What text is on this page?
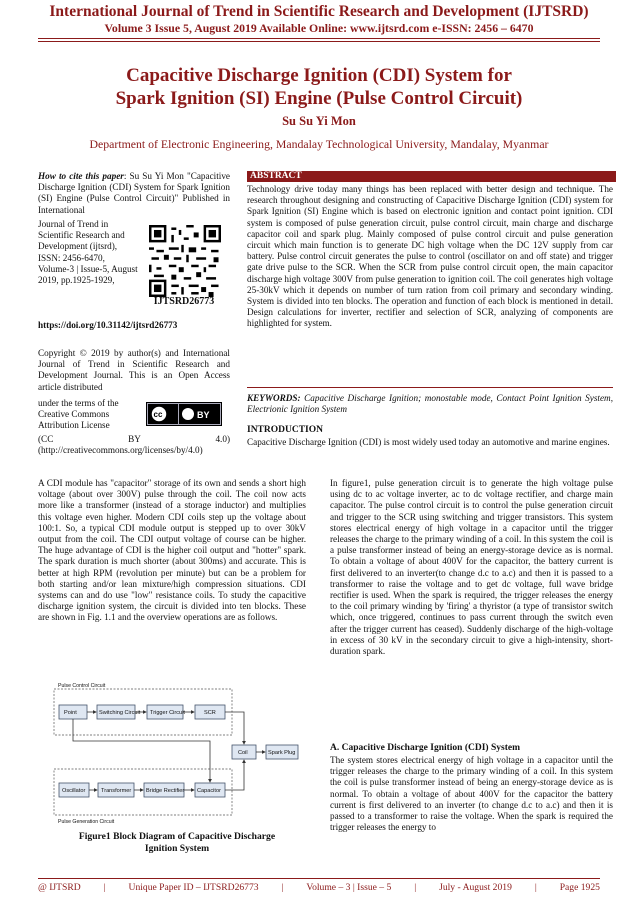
International Journal of Trend in Scientific Research and Development (IJTSRD)
Volume 3 Issue 5, August 2019 Available Online: www.ijtsrd.com e-ISSN: 2456 – 6470
Capacitive Discharge Ignition (CDI) System for
Spark Ignition (SI) Engine (Pulse Control Circuit)
Su Su Yi Mon
Department of Electronic Engineering, Mandalay Technological University, Mandalay, Myanmar
How to cite this paper: Su Su Yi Mon "Capacitive Discharge Ignition (CDI) System for Spark Ignition (SI) Engine (Pulse Control Circuit)" Published in International
Journal of Trend in Scientific Research and Development (ijtsrd), ISSN: 2456-6470, Volume-3 | Issue-5, August 2019, pp.1925-1929,
https://doi.org/10.31142/ijtsrd26773
IJTSRD26773
Copyright © 2019 by author(s) and International Journal of Trend in Scientific Research and Development Journal. This is an Open Access article distributed
under the terms of the Creative Commons Attribution License
cc	BY
(CC BY 4.0) (http://creativecommons.org/licenses/by/4.0)
ABSTRACT
Technology drive today many things has been replaced with better design and technique. The research throughout designing and constructing of Capacitive Discharge Ignition (CDI) system for Spark Ignition (SI) Engine which is based on electronic ignition and contact point ignition. CDI system is composed of pulse generation circuit, pulse control circuit, main charge and discharge capacitor coil and spark plug. Mainly composed of pulse control circuit and pulse generation circuit which main function is to generate DC high voltage when the DC 12V supply from car battery. Pulse control circuit generates the pulse to control (oscillator on and off state) and trigger gate drive pulse to the SCR. When the SCR from pulse control circuit open, the main capacitor discharge high voltage 300V from pulse generation to ignition coil. The coil generates high voltage 25-30kV which it depends on number of turn ration from coil primary and secondary winding. System is divided into ten blocks. The operation and function of each block is mentioned in detail. Design calculations for inverter, rectifier and selection of SCR, analyzing of components are highlighted for system.
KEYWORDS: Capacitive Discharge Ignition; monostable mode, Contact Point Ignition System, Electrionic Ignition System
INTRODUCTION
Capacitive Discharge Ignition (CDI) is most widely used today an automotive and marine engines.
A CDI module has "capacitor" storage of its own and sends a short high voltage (about over 300V) pulse through the coil. The coil now acts more like a transformer (instead of a storage inductor) and multiplies this voltage even higher. Modern CDI coils step up the voltage about 100:1. So, a typical CDI module output is stepped up to over 30kV output from the coil. The CDI output voltage of course can be higher. The huge advantage of CDI is the higher coil output and "hotter" spark. The spark duration is much shorter (about 300ms) and accurate. This is better at high RPM (revolution per minute) but can be a problem for both starting and/or lean mixture/high compression situations. CDI systems can and do use "low" resistance coils. To study the capacitive discharge ignition system, the circuit is divided into ten blocks. These are shown in Fig. 1.1 and the overview operations are as follows.
In figure1, pulse generation circuit is to generate the high voltage pulse using dc to ac voltage inverter, ac to dc voltage rectifier, and charge main capacitor. The pulse control circuit is to control the pulse generation circuit and trigger to the SCR using switching and trigger transistors. This system stores electrical energy of high voltage in a capacitor until the trigger releases the charge to the primary winding of a coil. In this system the coil is a pulse transformer instead of being an energy-storage device as is normal. To obtain a voltage of about 400V for the capacitor, the battery current is first delivered to an inverter(to change d.c to a.c) and then it is passed to a transformer to raise the voltage and to get dc voltage, full wave bridge rectifier is used. When the spark is required, the trigger releases the energy to the coil primary winding by 'firing' a thyristor (a type of transistor switch which, once triggered, continues to pass current through the switch even after the trigger current has ceased). Suddenly discharge of the high-voltage in excess of 30 kV in the secondary circuit to give a high-intensity, short-duration spark.
A. Capacitive Discharge Ignition (CDI) System
The system stores electrical energy of high voltage in a capacitor until the trigger releases the charge to the primary winding of a coil. In this system the coil is pulse transformer instead of being an energy-storage device as is normal. To obtain a voltage of about 400V for the capacitor the battery current is first delivered to an inverter (to change d.c to a.c) and then it is passed to a transformer to raise the voltage. When the spark is required the trigger releases the energy to
Pulse Control Circuit
Pulse Generation Circuit
Point	Switching Circuit Trigger Circuit	SCR
Oscillator	Transformer	Bridge Rectifier Capacitor
Coil	Spark Plug
Figure1 Block Diagram of Capacitive Discharge
Ignition System
@ IJTSRD | Unique Paper ID – IJTSRD26773 | Volume – 3 | Issue – 5 | July - August 2019 | Page 1925
